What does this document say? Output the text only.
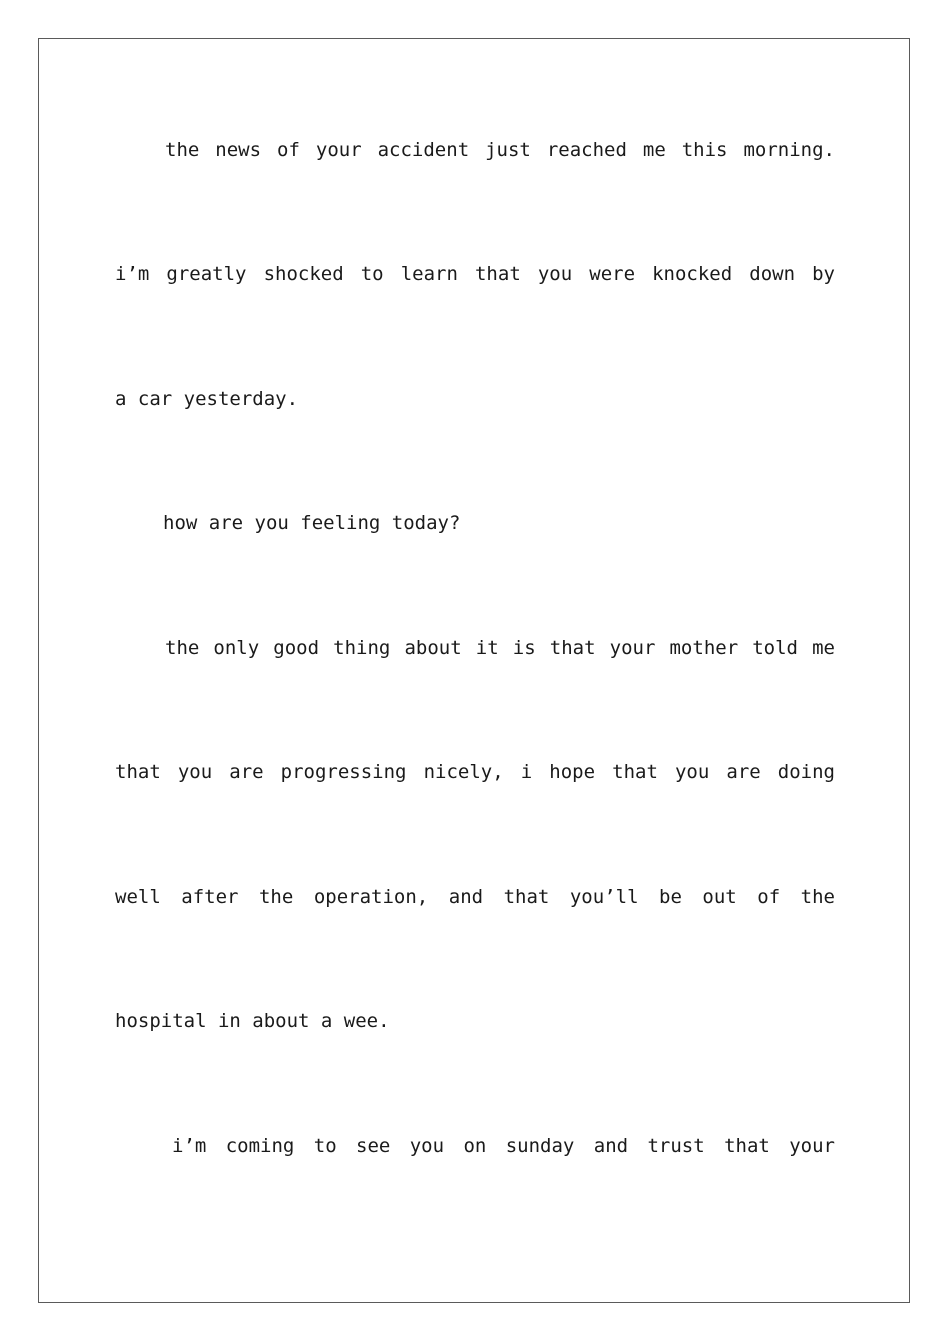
the news of your accident just reached me this morning.
i’m greatly shocked to learn that you were knocked down by
a car yesterday.
how are you feeling today?
the only good thing about it is that your mother told me
that you are progressing nicely, i hope that you are doing
well after the operation, and that you’ll be out of the
hospital in about a wee.
i’m coming to see you on sunday and trust that your
